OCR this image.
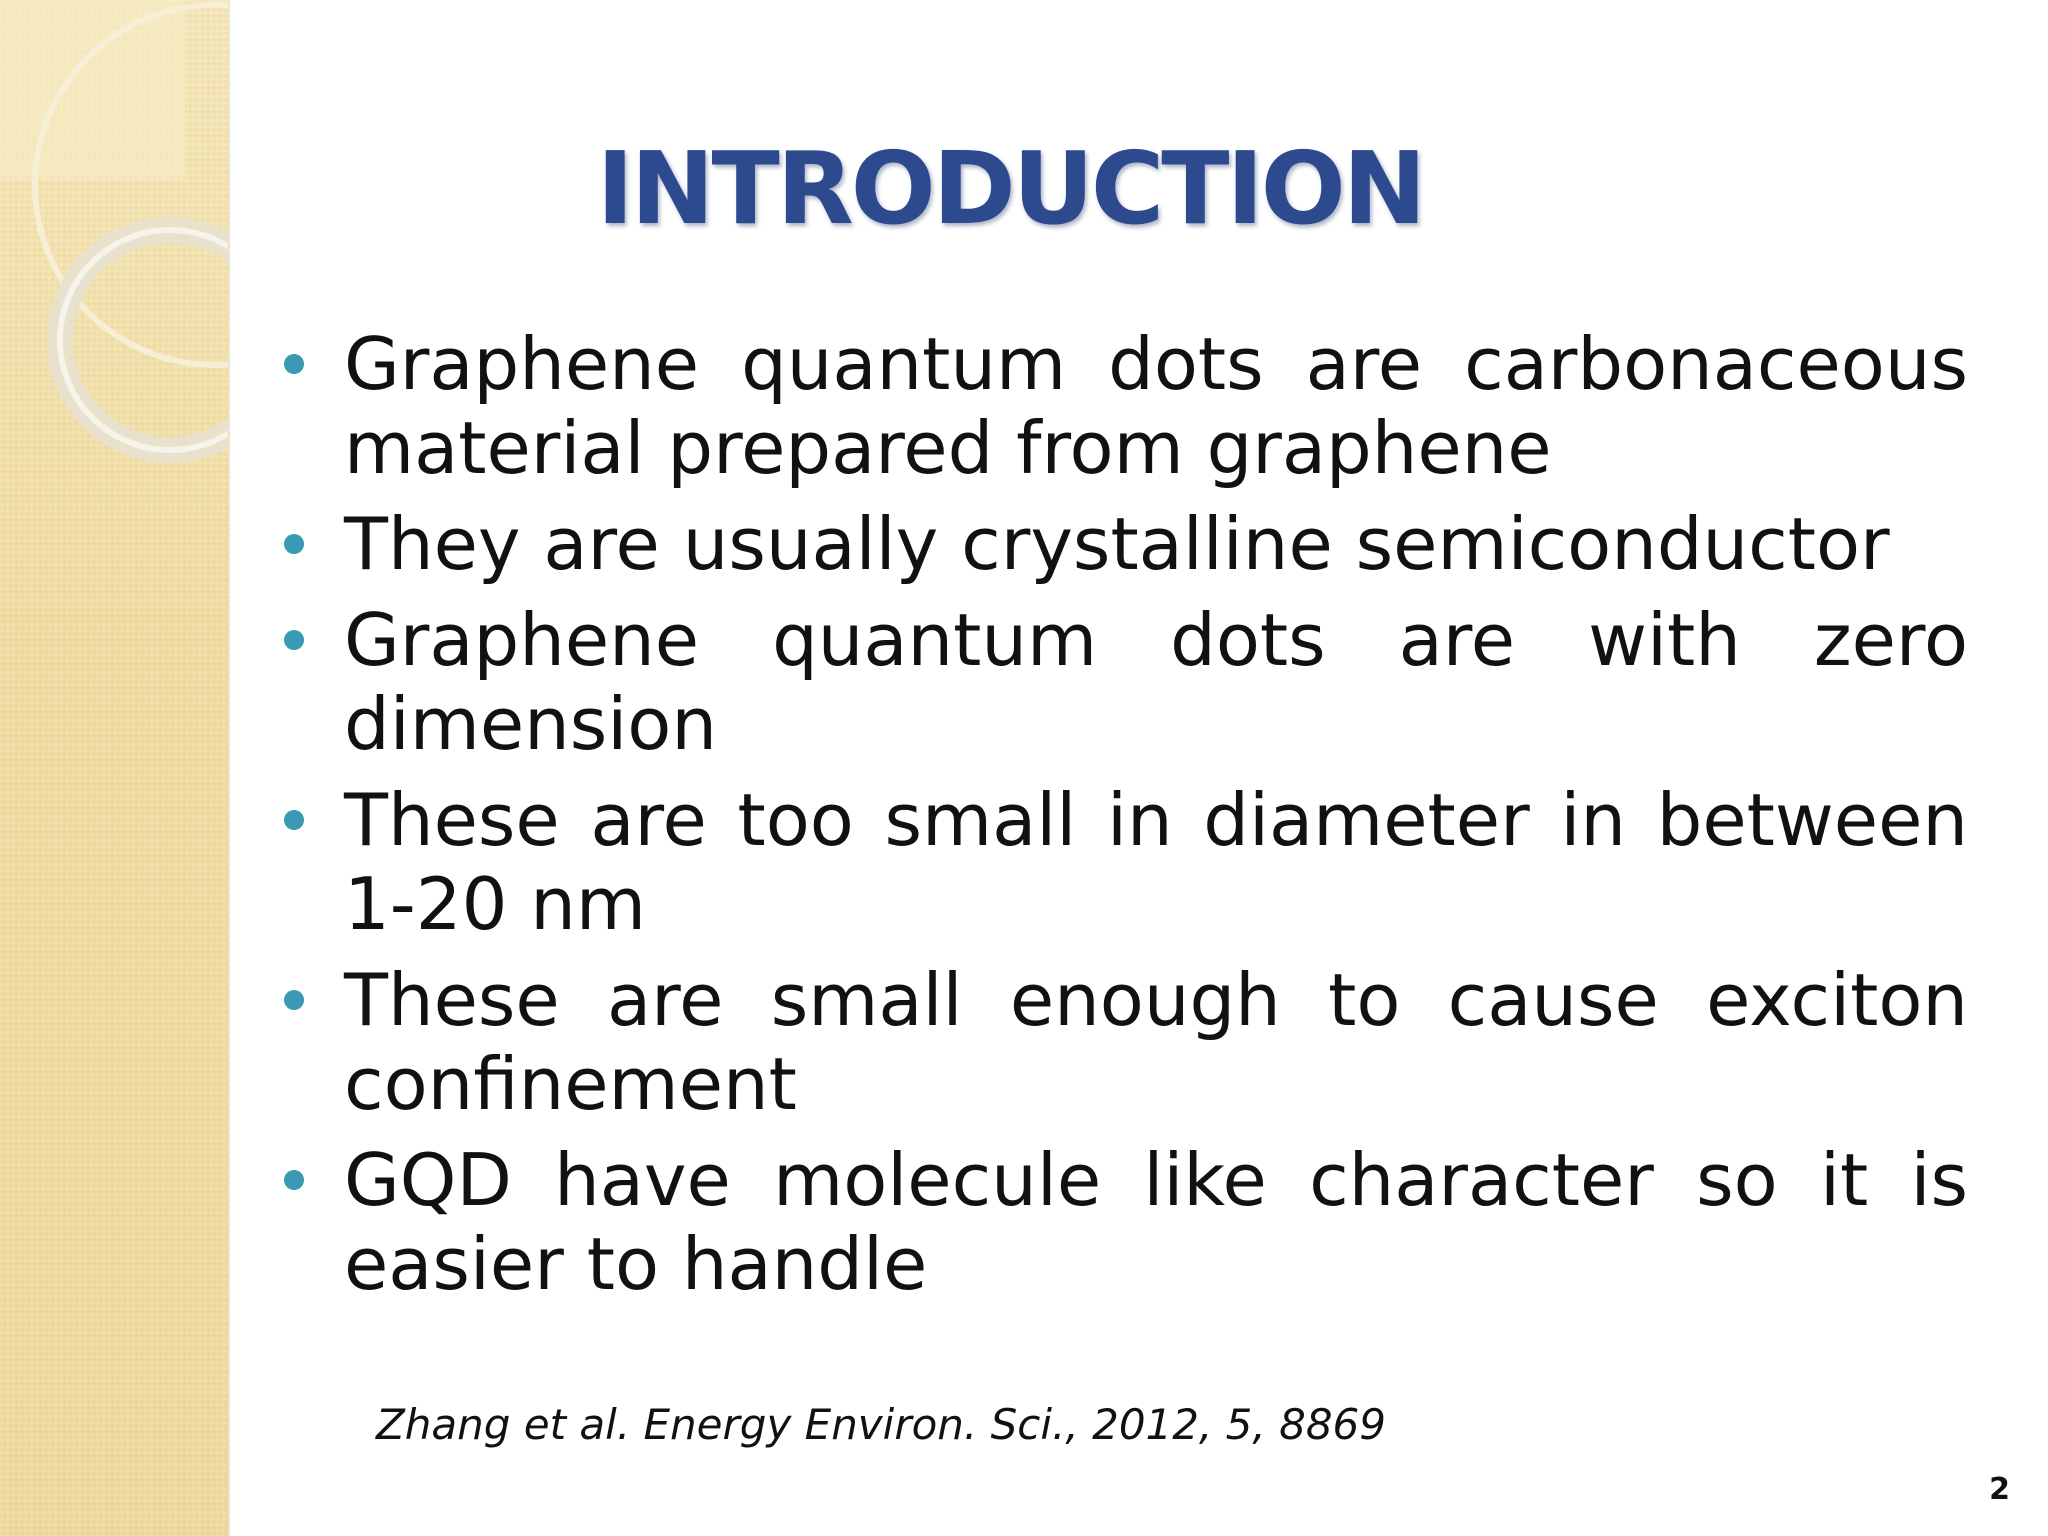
INTRODUCTION
Graphene quantum dots are carbonaceous material prepared from graphene
They are usually crystalline semiconductor
Graphene quantum dots are with zero dimension
These are too small in diameter in between 1-20 nm
These are small enough to cause exciton confinement
GQD have molecule like character so it is easier to handle
Zhang et al. Energy Environ. Sci., 2012, 5, 8869
2
